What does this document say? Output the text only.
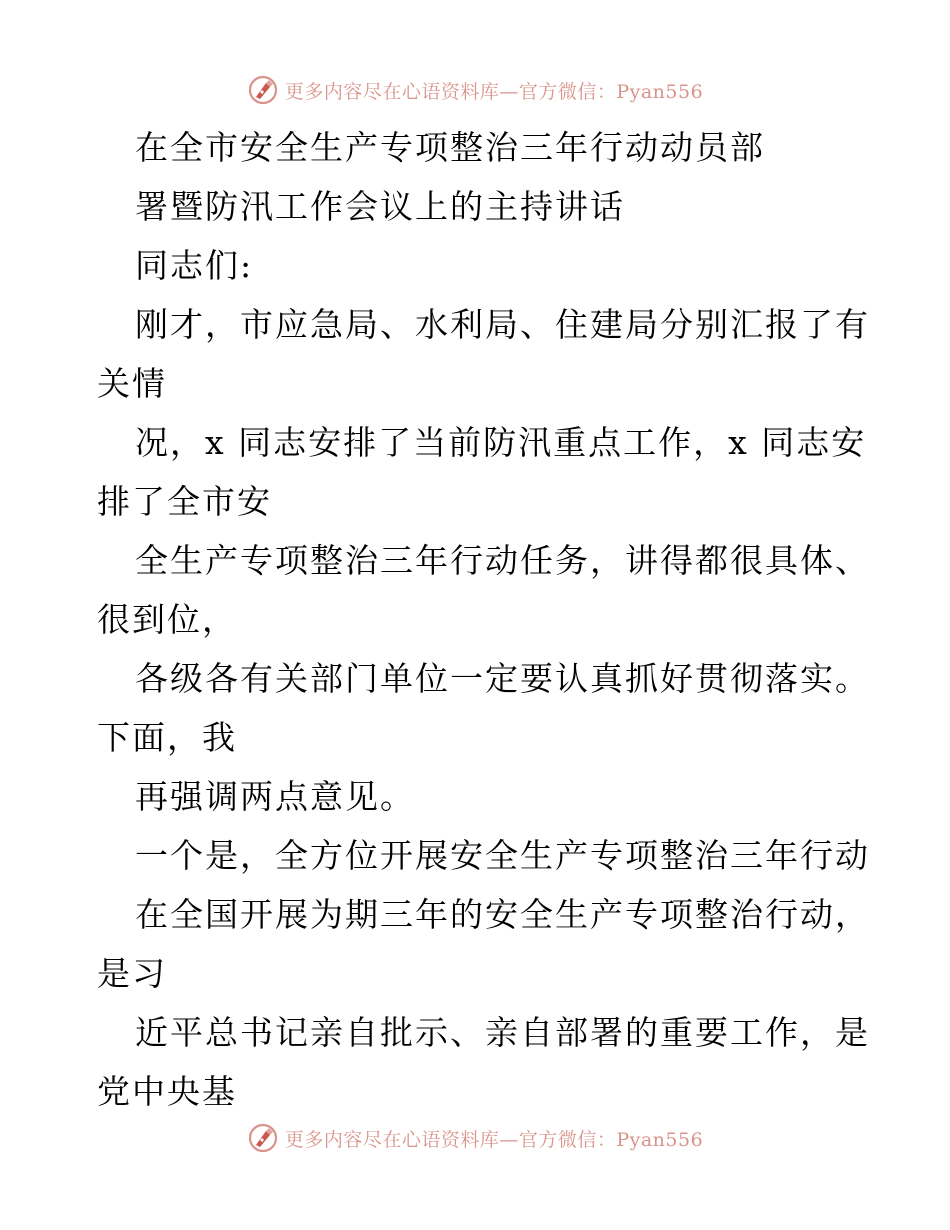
更多内容尽在心语资料库—官方微信：Pyan556
在全市安全生产专项整治三年行动动员部
署暨防汛工作会议上的主持讲话
同志们:
刚才，市应急局、水利局、住建局分别汇报了有
关情
况，x 同志安排了当前防汛重点工作，x 同志安
排了全市安
全生产专项整治三年行动任务，讲得都很具体、
很到位，
各级各有关部门单位一定要认真抓好贯彻落实。
下面，我
再强调两点意见。
一个是，全方位开展安全生产专项整治三年行动
在全国开展为期三年的安全生产专项整治行动，
是习
近平总书记亲自批示、亲自部署的重要工作，是
党中央基
更多内容尽在心语资料库—官方微信：Pyan556
